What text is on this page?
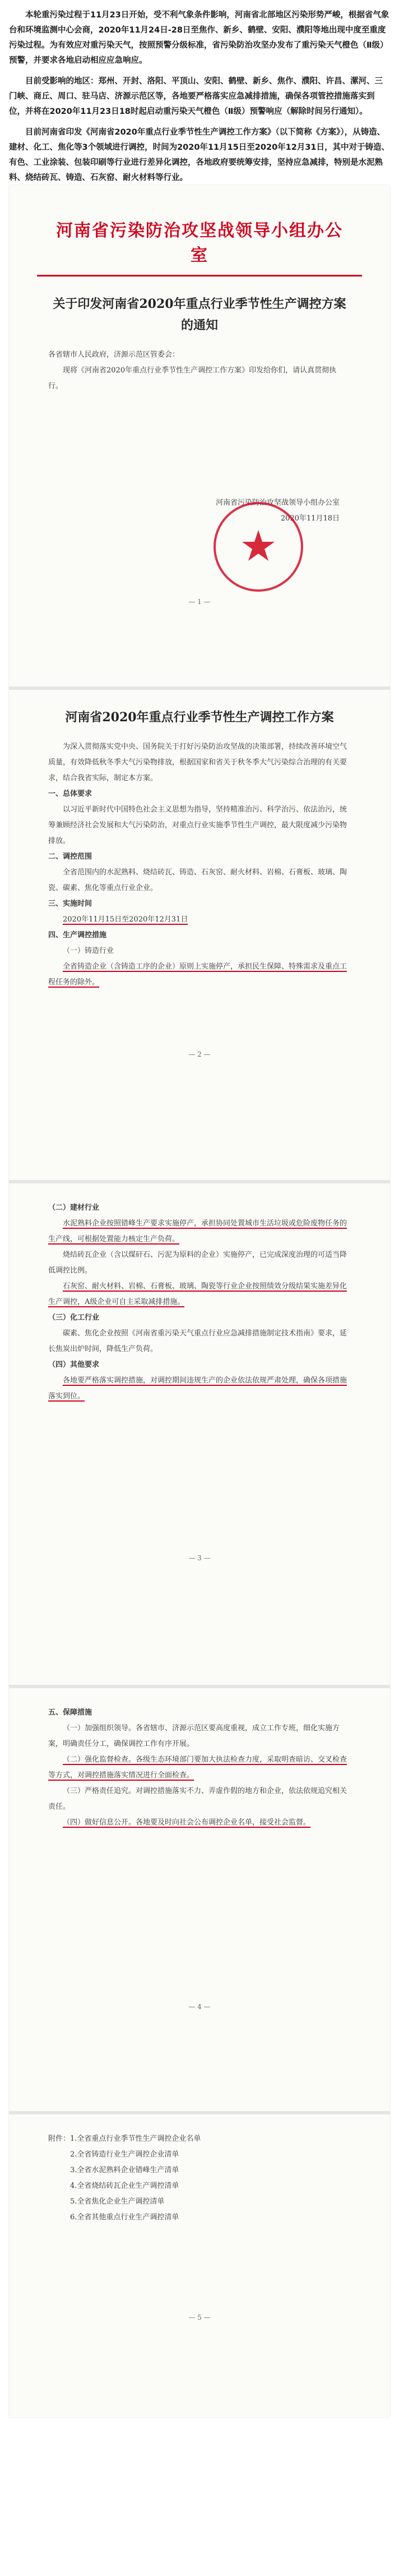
本轮重污染过程于11月23日开始，受不利气象条件影响，河南省北部地区污染形势严峻，根据省气象台和环境监测中心会商，2020年11月24日-28日至焦作、新乡、鹤壁、安阳、濮阳等地出现中度至重度污染过程。为有效应对重污染天气，按照预警分级标准，省污染防治攻坚办发布了重污染天气橙色（Ⅱ级）预警，并要求各地启动相应应急响应。

目前受影响的地区：郑州、开封、洛阳、平顶山、安阳、鹤壁、新乡、焦作、濮阳、许昌、漯河、三门峡、商丘、周口、驻马店、济源示范区等，各地要严格落实应急减排措施，确保各项管控措施落实到位，并将在2020年11月23日18时起启动重污染天气橙色（Ⅱ级）预警响应（解除时间另行通知）。

目前河南省印发《河南省2020年重点行业季节性生产调控工作方案》（以下简称《方案》），从铸造、建材、化工、焦化等3个领域进行调控，时间为2020年11月15日至2020年12月31日，其中对于铸造、有色、工业涂装、包装印刷等行业进行差异化调控，各地政府要统筹安排，坚持应急减排，特别是水泥熟料、烧结砖瓦、铸造、石灰窑、耐火材料等行业。

河南省污染防治攻坚战领导小组办公室
关于印发河南省2020年重点行业季节性生产调控方案的通知

各省辖市人民政府，济源示范区管委会：

现将《河南省2020年重点行业季节性生产调控工作方案》印发给你们，请认真贯彻执行。

河南省污染防治攻坚战领导小组办公室

2020年11月18日

— 1 —

河南省2020年重点行业季节性生产调控工作方案

为深入贯彻落实党中央、国务院关于打好污染防治攻坚战的决策部署，持续改善环境空气质量，有效降低秋冬季大气污染物排放，根据国家和省关于秋冬季大气污染综合治理的有关要求，结合我省实际，制定本方案。

一、总体要求

以习近平新时代中国特色社会主义思想为指导，坚持精准治污、科学治污、依法治污，统筹兼顾经济社会发展和大气污染防治，对重点行业实施季节性生产调控，最大限度减少污染物排放。

二、调控范围

全省范围内的水泥熟料、烧结砖瓦、铸造、石灰窑、耐火材料、岩棉、石膏板、玻璃、陶瓷、碳素、焦化等重点行业企业。

三、实施时间

2020年11月15日至2020年12月31日

四、生产调控措施

（一）铸造行业

全省铸造企业（含铸造工序的企业）原则上实施停产，承担民生保障、特殊需求及重点工程任务的除外。

— 2 —

（二）建材行业

水泥熟料企业按照错峰生产要求实施停产，承担协同处置城市生活垃圾或危险废物任务的生产线，可根据处置能力核定生产负荷。

烧结砖瓦企业（含以煤矸石、污泥为原料的企业）实施停产，已完成深度治理的可适当降低调控比例。

石灰窑、耐火材料、岩棉、石膏板、玻璃、陶瓷等行业企业按照绩效分级结果实施差异化生产调控，A级企业可自主采取减排措施。

（三）化工行业

碳素、焦化企业按照《河南省重污染天气重点行业应急减排措施制定技术指南》要求，延长焦炭出炉时间，降低生产负荷。

（四）其他要求

各地要严格落实调控措施，对调控期间违规生产的企业依法依规严肃处理，确保各项措施落实到位。

— 3 —

五、保障措施

（一）加强组织领导。各省辖市、济源示范区要高度重视，成立工作专班，细化实施方案，明确责任分工，确保调控工作有序开展。

（二）强化监督检查。各级生态环境部门要加大执法检查力度，采取明查暗访、交叉检查等方式，对调控措施落实情况进行全面检查。

（三）严格责任追究。对调控措施落实不力、弄虚作假的地方和企业，依法依规追究相关责任。

（四）做好信息公开。各地要及时向社会公布调控企业名单，接受社会监督。

— 4 —

附件：1.全省重点行业季节性生产调控企业名单

2.全省铸造行业生产调控企业清单

3.全省水泥熟料企业错峰生产清单

4.全省烧结砖瓦企业生产调控清单

5.全省焦化企业生产调控清单

6.全省其他重点行业生产调控清单

— 5 —
